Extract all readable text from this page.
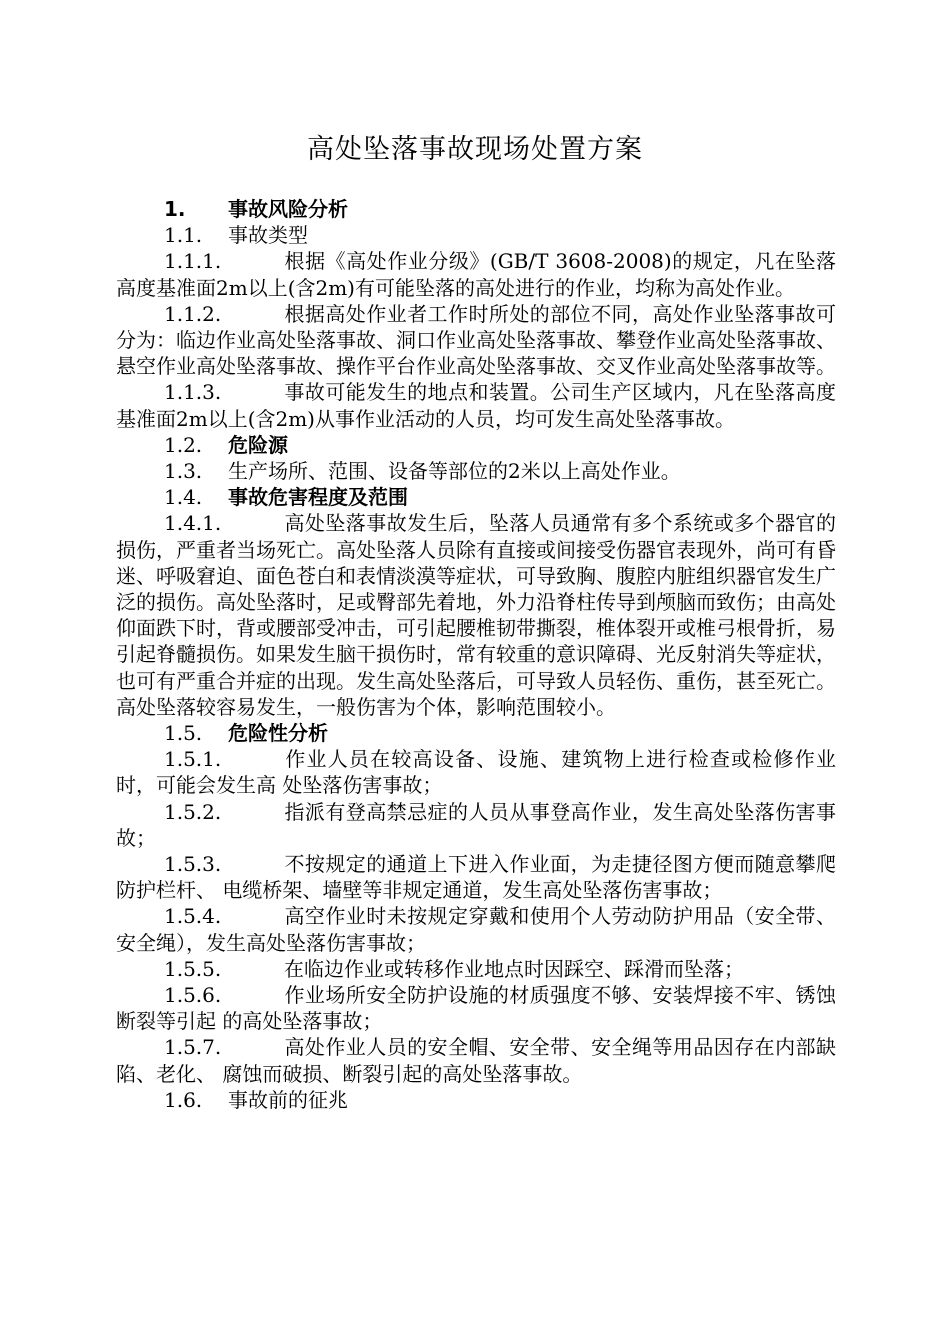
高处坠落事故现场处置方案
1. 事故风险分析
1.1. 事故类型
1.1.1.	根据《高处作业分级》(GB/T 3608-2008)的规定，凡在坠落高度基准面2m以上(含2m)有可能坠落的高处进行的作业，均称为高处作业。
1.1.2.	根据高处作业者工作时所处的部位不同，高处作业坠落事故可分为：临边作业高处坠落事故、洞口作业高处坠落事故、攀登作业高处坠落事故、悬空作业高处坠落事故、操作平台作业高处坠落事故、交叉作业高处坠落事故等。
1.1.3.	事故可能发生的地点和装置。公司生产区域内，凡在坠落高度基准面2m以上(含2m)从事作业活动的人员，均可发生高处坠落事故。
1.2. 危险源
1.3. 生产场所、范围、设备等部位的2米以上高处作业。
1.4. 事故危害程度及范围
1.4.1.	高处坠落事故发生后，坠落人员通常有多个系统或多个器官的损伤，严重者当场死亡。高处坠落人员除有直接或间接受伤器官表现外，尚可有昏迷、呼吸窘迫、面色苍白和表情淡漠等症状，可导致胸、腹腔内脏组织器官发生广泛的损伤。高处坠落时，足或臀部先着地，外力沿脊柱传导到颅脑而致伤；由高处仰面跌下时，背或腰部受冲击，可引起腰椎韧带撕裂，椎体裂开或椎弓根骨折，易引起脊髓损伤。如果发生脑干损伤时，常有较重的意识障碍、光反射消失等症状，也可有严重合并症的出现。发生高处坠落后，可导致人员轻伤、重伤，甚至死亡。高处坠落较容易发生，一般伤害为个体，影响范围较小。
1.5. 危险性分析
1.5.1.	作业人员在较高设备、设施、建筑物上进行检查或检修作业时，可能会发生高 处坠落伤害事故；
1.5.2.	指派有登高禁忌症的人员从事登高作业，发生高处坠落伤害事故；
1.5.3.	不按规定的通道上下进入作业面，为走捷径图方便而随意攀爬防护栏杆、 电缆桥架、墙壁等非规定通道，发生高处坠落伤害事故；
1.5.4.	高空作业时未按规定穿戴和使用个人劳动防护用品（安全带、安全绳），发生高处坠落伤害事故；
1.5.5.	在临边作业或转移作业地点时因踩空、踩滑而坠落；
1.5.6.	作业场所安全防护设施的材质强度不够、安装焊接不牢、锈蚀断裂等引起 的高处坠落事故；
1.5.7.	高处作业人员的安全帽、安全带、安全绳等用品因存在内部缺陷、老化、 腐蚀而破损、断裂引起的高处坠落事故。
1.6. 事故前的征兆
